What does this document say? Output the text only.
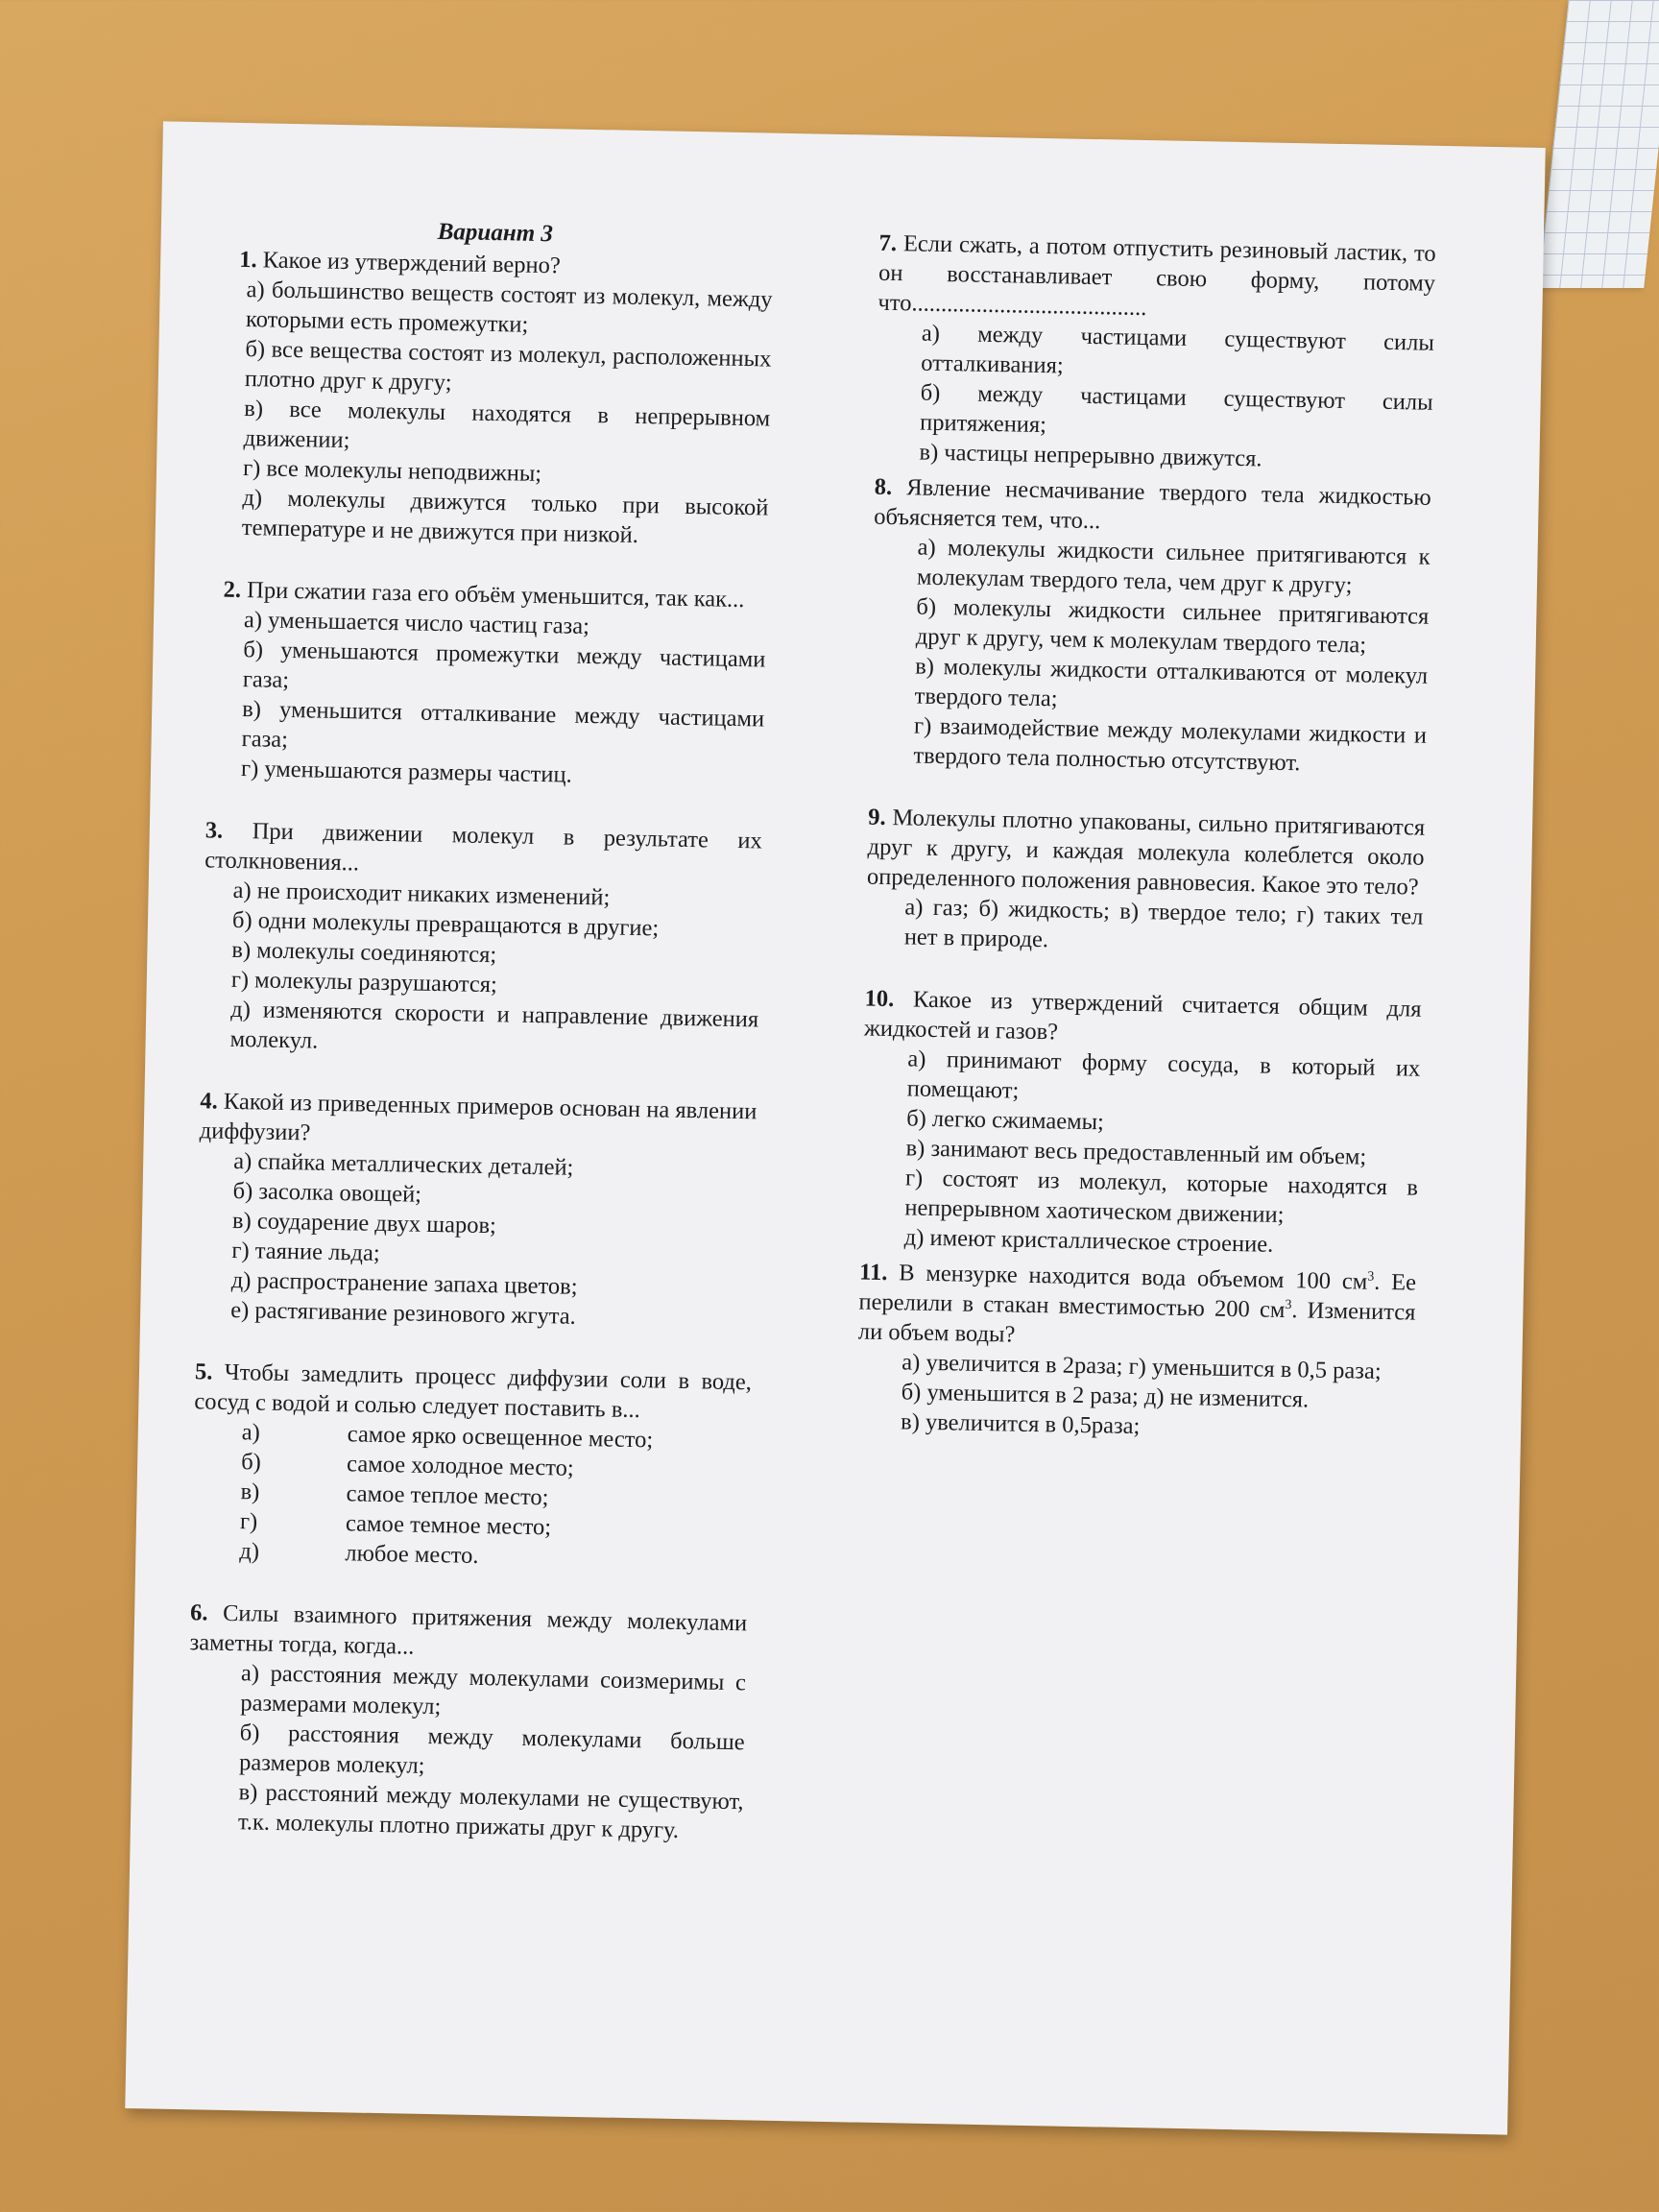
Вариант 3
1. Какое из утверждений верно?
а) большинство веществ состоят из молекул, между которыми есть промежутки;
б) все вещества состоят из молекул, расположенных плотно друг к другу;
в) все молекулы находятся в непрерывном движении;
г) все молекулы неподвижны;
д) молекулы движутся только при высокой температуре и не движутся при низкой.
2. При сжатии газа его объём уменьшится, так как...
а) уменьшается число частиц газа;
б) уменьшаются промежутки между частицами газа;
в) уменьшится отталкивание между частицами газа;
г) уменьшаются размеры частиц.
3. При движении молекул в результате их столкновения...
а) не происходит никаких изменений;
б) одни молекулы превращаются в другие;
в) молекулы соединяются;
г) молекулы разрушаются;
д) изменяются скорости и направление движения молекул.
4. Какой из приведенных примеров основан на явлении диффузии?
а) спайка металлических деталей;
б) засолка овощей;
в) соударение двух шаров;
г) таяние льда;
д) распространение запаха цветов;
е) растягивание резинового жгута.
5. Чтобы замедлить процесс диффузии соли в воде, сосуд с водой и солью следует поставить в...
а)	самое ярко освещенное место;
б)	самое холодное место;
в)	самое теплое место;
г)	самое темное место;
д)	любое место.
6. Силы взаимного притяжения между молекулами заметны тогда, когда...
а) расстояния между молекулами соизмеримы с размерами молекул;
б) расстояния между молекулами больше размеров молекул;
в) расстояний между молекулами не существуют, т.к. молекулы плотно прижаты друг к другу.
7. Если сжать, а потом отпустить резиновый ластик, то он восстанавливает свою форму, потому что........................................
а) между частицами существуют силы отталкивания;
б) между частицами существуют силы притяжения;
в) частицы непрерывно движутся.
8. Явление несмачивание твердого тела жидкостью объясняется тем, что...
а) молекулы жидкости сильнее притягиваются к молекулам твердого тела, чем друг к другу;
б) молекулы жидкости сильнее притягиваются друг к другу, чем к молекулам твердого тела;
в) молекулы жидкости отталкиваются от молекул твердого тела;
г) взаимодействие между молекулами жидкости и твердого тела полностью отсутствуют.
9. Молекулы плотно упакованы, сильно притягиваются друг к другу, и каждая молекула колеблется около определенного положения равновесия. Какое это тело?
а) газ; б) жидкость; в) твердое тело; г) таких тел нет в природе.
10. Какое из утверждений считается общим для жидкостей и газов?
а) принимают форму сосуда, в который их помещают;
б) легко сжимаемы;
в) занимают весь предоставленный им объем;
г) состоят из молекул, которые находятся в непрерывном хаотическом движении;
д) имеют кристаллическое строение.
11. В мензурке находится вода объемом 100 $см^3$. Ее перелили в стакан вместимостью 200 $см^3$. Изменится ли объем воды?
а) увеличится в 2раза; г) уменьшится в 0,5 раза;
б) уменьшится в 2 раза; д) не изменится.
в) увеличится в 0,5раза;
